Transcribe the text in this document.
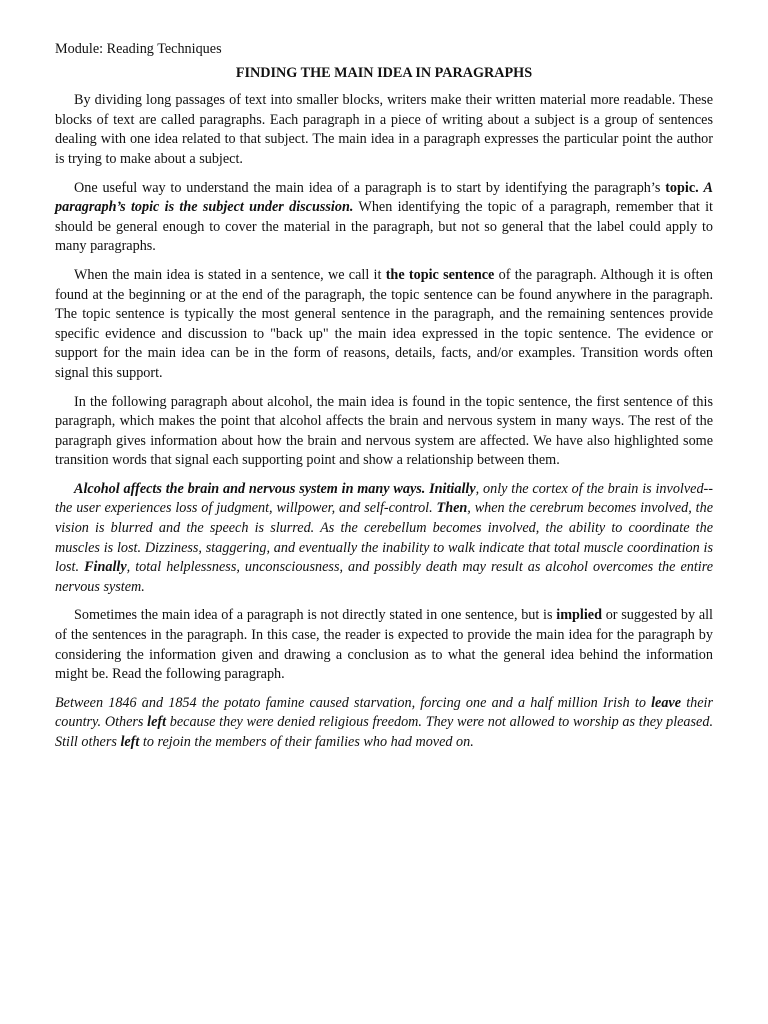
Module: Reading Techniques

FINDING THE MAIN IDEA IN PARAGRAPHS

By dividing long passages of text into smaller blocks, writers make their written material more readable. These blocks of text are called paragraphs. Each paragraph in a piece of writing about a subject is a group of sentences dealing with one idea related to that subject. The main idea in a paragraph expresses the particular point the author is trying to make about a subject.

One useful way to understand the main idea of a paragraph is to start by identifying the paragraph’s topic. A paragraph’s topic is the subject under discussion. When identifying the topic of a paragraph, remember that it should be general enough to cover the material in the paragraph, but not so general that the label could apply to many paragraphs.

When the main idea is stated in a sentence, we call it the topic sentence of the paragraph. Although it is often found at the beginning or at the end of the paragraph, the topic sentence can be found anywhere in the paragraph. The topic sentence is typically the most general sentence in the paragraph, and the remaining sentences provide specific evidence and discussion to "back up" the main idea expressed in the topic sentence. The evidence or support for the main idea can be in the form of reasons, details, facts, and/or examples. Transition words often signal this support.

In the following paragraph about alcohol, the main idea is found in the topic sentence, the first sentence of this paragraph, which makes the point that alcohol affects the brain and nervous system in many ways. The rest of the paragraph gives information about how the brain and nervous system are affected. We have also highlighted some transition words that signal each supporting point and show a relationship between them.

Alcohol affects the brain and nervous system in many ways. Initially, only the cortex of the brain is involved--the user experiences loss of judgment, willpower, and self-control. Then, when the cerebrum becomes involved, the vision is blurred and the speech is slurred. As the cerebellum becomes involved, the ability to coordinate the muscles is lost. Dizziness, staggering, and eventually the inability to walk indicate that total muscle coordination is lost. Finally, total helplessness, unconsciousness, and possibly death may result as alcohol overcomes the entire nervous system.

Sometimes the main idea of a paragraph is not directly stated in one sentence, but is implied or suggested by all of the sentences in the paragraph. In this case, the reader is expected to provide the main idea for the paragraph by considering the information given and drawing a conclusion as to what the general idea behind the information might be. Read the following paragraph.

Between 1846 and 1854 the potato famine caused starvation, forcing one and a half million Irish to leave their country. Others left because they were denied religious freedom. They were not allowed to worship as they pleased. Still others left to rejoin the members of their families who had moved on.
